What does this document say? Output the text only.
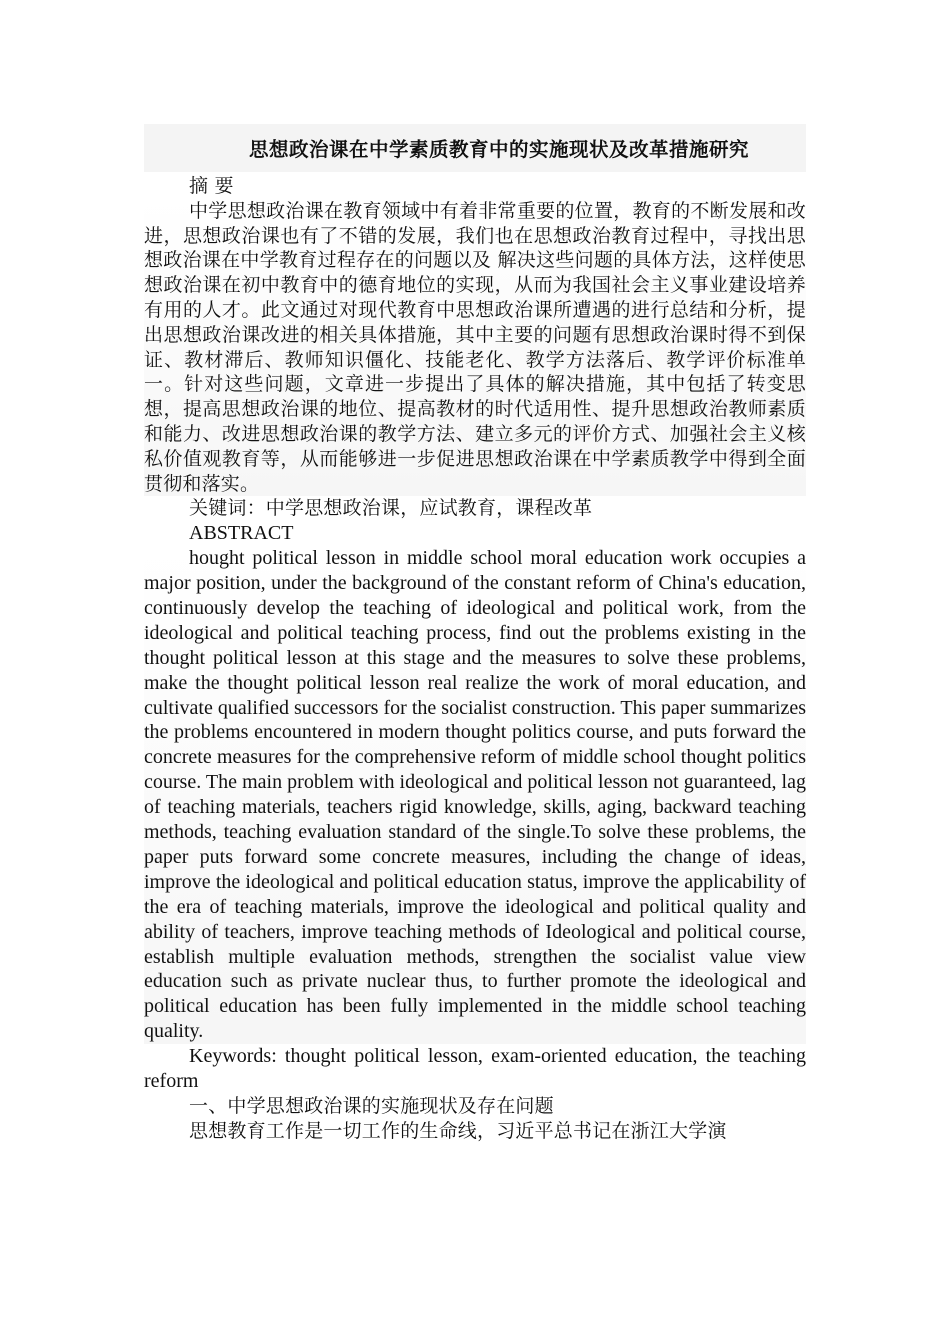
思想政治课在中学素质教育中的实施现状及改革措施研究

摘 要

中学思想政治课在教育领域中有着非常重要的位置，教育的不断发展和改进，思想政治课也有了不错的发展，我们也在思想政治教育过程中，寻找出思想政治课在中学教育过程存在的问题以及 解决这些问题的具体方法，这样使思想政治课在初中教育中的德育地位的实现，从而为我国社会主义事业建设培养有用的人才。此文通过对现代教育中思想政治课所遭遇的进行总结和分析，提出思想政治课改进的相关具体措施，其中主要的问题有思想政治课时得不到保证、教材滞后、教师知识僵化、技能老化、教学方法落后、教学评价标准单一。针对这些问题，文章进一步提出了具体的解决措施，其中包括了转变思想，提高思想政治课的地位、提高教材的时代适用性、提升思想政治教师素质和能力、改进思想政治课的教学方法、建立多元的评价方式、加强社会主义核私价值观教育等，从而能够进一步促进思想政治课在中学素质教学中得到全面贯彻和落实。

关键词：中学思想政治课，应试教育，课程改革

ABSTRACT

hought political lesson in middle school moral education work occupies a major position, under the background of the constant reform of China's education, continuously develop the teaching of ideological and political work, from the ideological and political teaching process, find out the problems existing in the thought political lesson at this stage and the measures to solve these problems, make the thought political lesson real realize the work of moral education, and cultivate qualified successors for the socialist construction. This paper summarizes the problems encountered in modern thought politics course, and puts forward the concrete measures for the comprehensive reform of middle school thought politics course. The main problem with ideological and political lesson not guaranteed, lag of teaching materials, teachers rigid knowledge, skills, aging, backward teaching methods, teaching evaluation standard of the single.To solve these problems, the paper puts forward some concrete measures, including the change of ideas, improve the ideological and political education status, improve the applicability of the era of teaching materials, improve the ideological and political quality and ability of teachers, improve teaching methods of Ideological and political course, establish multiple evaluation methods, strengthen the socialist value view education such as private nuclear thus, to further promote the ideological and political education has been fully implemented in the middle school teaching quality.

Keywords: thought political lesson, exam-oriented education, the teaching reform

一、中学思想政治课的实施现状及存在问题

思想教育工作是一切工作的生命线，习近平总书记在浙江大学演
